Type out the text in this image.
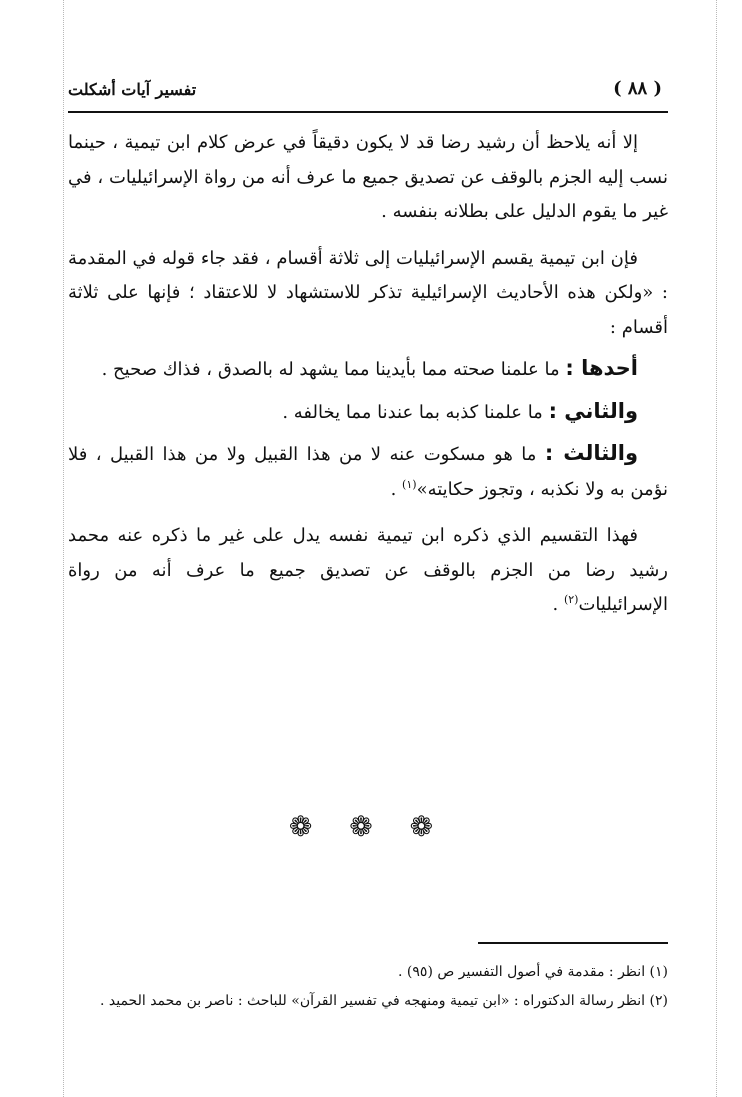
تفسير آيات أشكلت	( ٨٨ )

إلا أنه يلاحظ أن رشيد رضا قد لا يكون دقيقاً في عرض كلام ابن تيمية ، حينما نسب إليه الجزم بالوقف عن تصديق جميع ما عرف أنه من رواة الإسرائيليات ، في غير ما يقوم الدليل على بطلانه بنفسه .

فإن ابن تيمية يقسم الإسرائيليات إلى ثلاثة أقسام ، فقد جاء قوله في المقدمة : «ولكن هذه الأحاديث الإسرائيلية تذكر للاستشهاد لا للاعتقاد ؛ فإنها على ثلاثة أقسام :

أحدها : ما علمنا صحته مما بأيدينا مما يشهد له بالصدق ، فذاك صحيح .

والثاني : ما علمنا كذبه بما عندنا مما يخالفه .

والثالث : ما هو مسكوت عنه لا من هذا القبيل ولا من هذا القبيل ، فلا نؤمن به ولا نكذبه ، وتجوز حكايته»$^{(١)}$ .

فهذا التقسيم الذي ذكره ابن تيمية نفسه يدل على غير ما ذكره عنه محمد رشيد رضا من الجزم بالوقف عن تصديق جميع ما عرف أنه من رواة الإسرائيليات$^{(٢)}$ .

❁ ❁ ❁
(١) انظر : مقدمة في أصول التفسير ص (٩٥) .
(٢) انظر رسالة الدكتوراه : «ابن تيمية ومنهجه في تفسير القرآن» للباحث : ناصر بن محمد الحميد .
